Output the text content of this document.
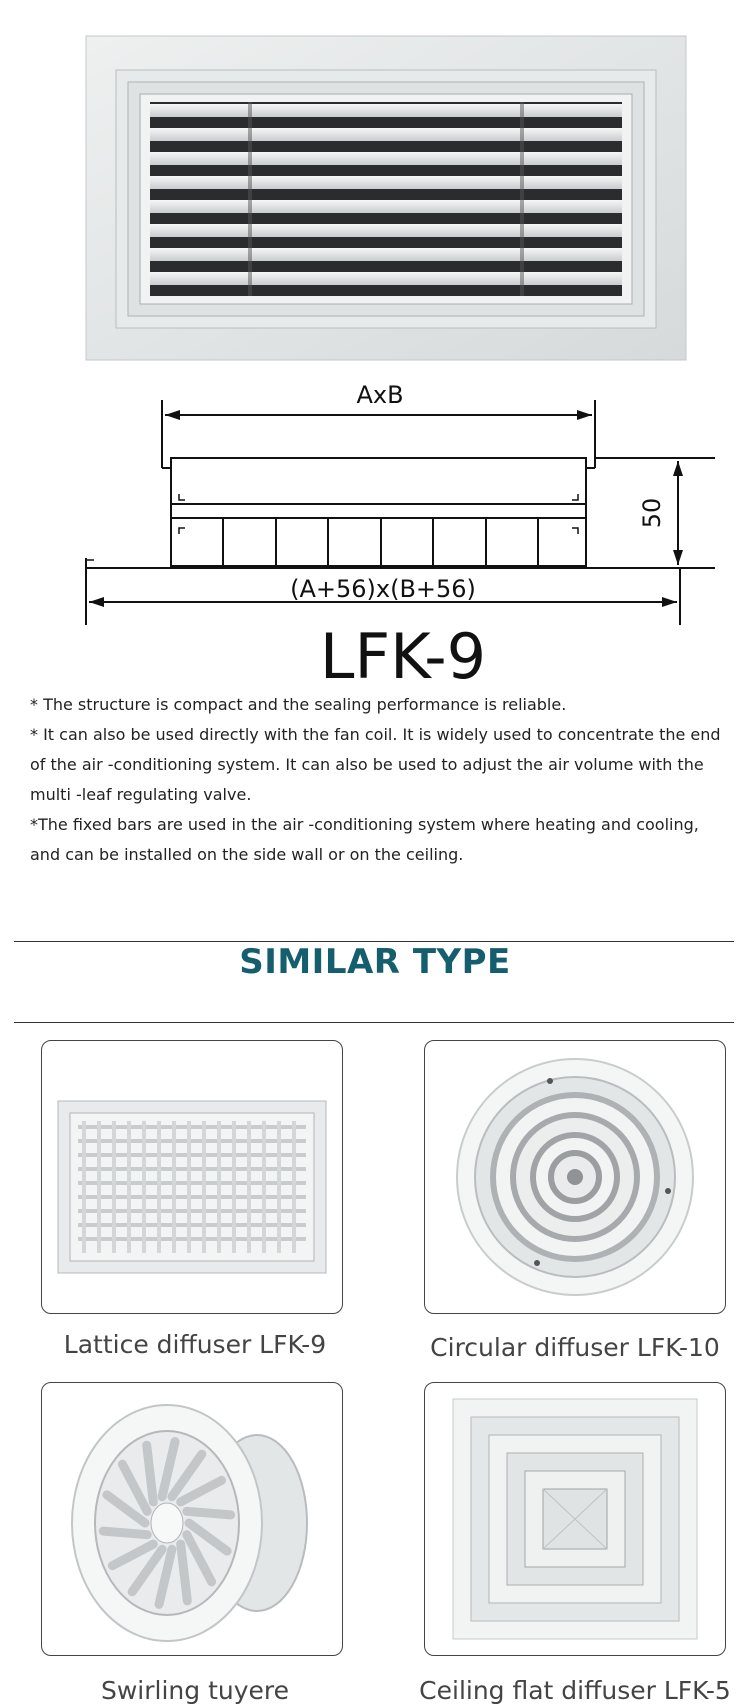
AxB
50
(A+56)x(B+56)
LFK-9

* The structure is compact and the sealing performance is reliable.

* It can also be used directly with the fan coil. It is widely used to concentrate the end of the air -conditioning system. It can also be used to adjust the air volume with the multi -leaf regulating valve.

*The fixed bars are used in the air -conditioning system where heating and cooling, and can be installed on the side wall or on the ceiling.

SIMILAR TYPE
Lattice diffuser LFK-9	Circular diffuser LFK-10
Swirling tuyere	Ceiling flat diffuser LFK-5
